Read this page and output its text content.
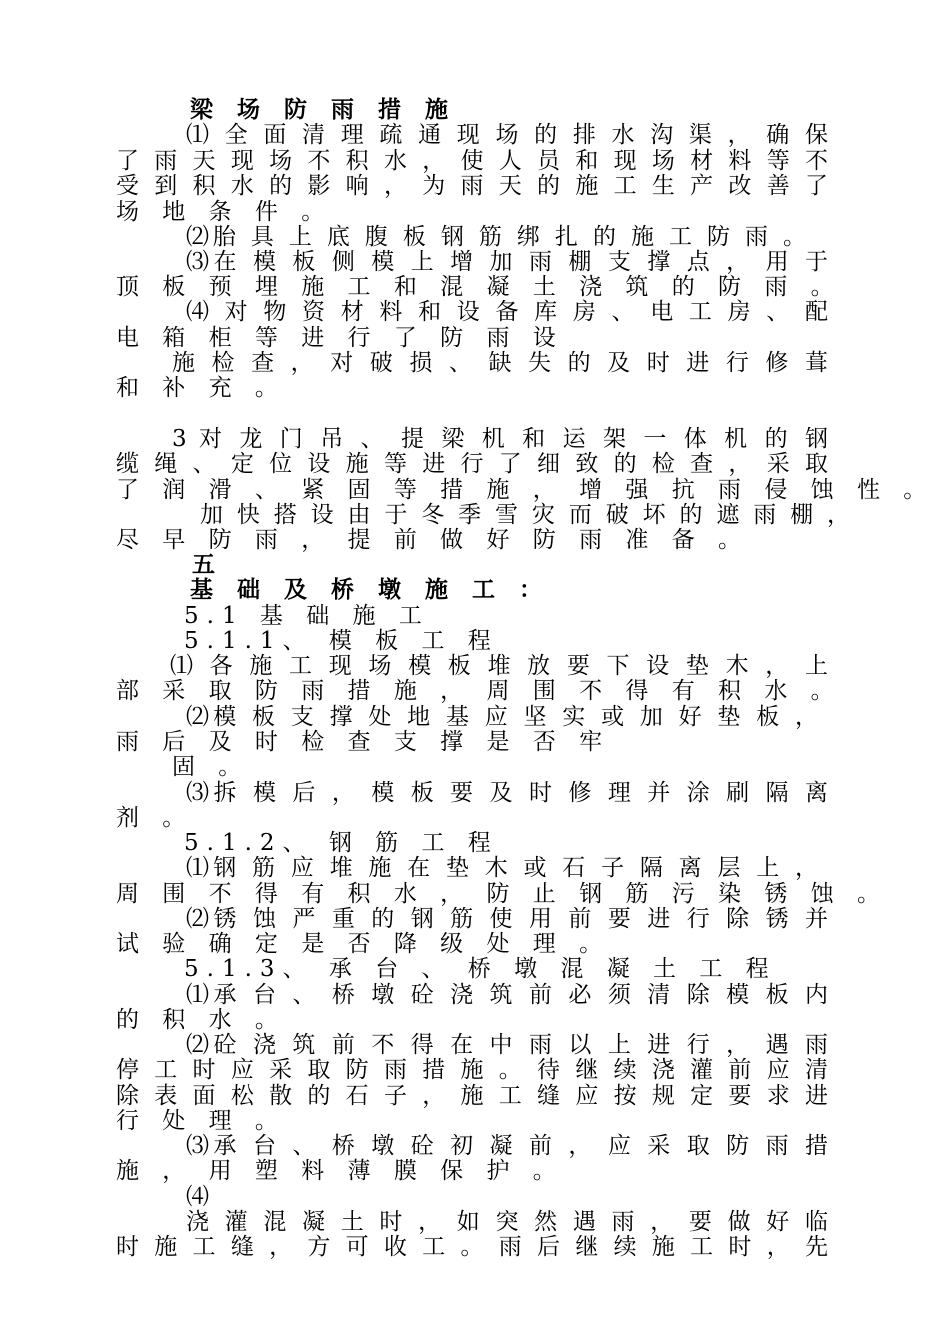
梁 场 防 雨 措 施
⑴ 全 面 清 理 疏 通 现 场 的 排 水 沟 渠 ， 确 保
了 雨 天 现 场 不 积 水 ， 使 人 员 和 现 场 材 料 等 不
受 到 积 水 的 影 响 ， 为 雨 天 的 施 工 生 产 改 善 了
场 地 条 件 。
⑵胎 具 上 底 腹 板 钢 筋 绑 扎 的 施 工 防 雨 。
⑶在 模 板 侧 模 上 增 加 雨 棚 支 撑 点 ， 用 于
顶 板 预 埋 施 工 和 混 凝 土 浇 筑 的 防 雨 。
⑷ 对 物 资 材 料 和 设 备 库 房 、 电 工 房 、 配
电 箱 柜 等 进 行 了 防 雨 设
施 检 查 ， 对 破 损 、 缺 失 的 及 时 进 行 修 葺
和 补 充 。
3 对 龙 门 吊 、 提 梁 机 和 运 架 一 体 机 的 钢
缆 绳 、 定 位 设 施 等 进 行 了 细 致 的 检 查 ， 采 取
了 润 滑 、 紧 固 等 措 施 ， 增 强 抗 雨 侵 蚀 性 。
加 快 搭 设 由 于 冬 季 雪 灾 而 破 坏 的 遮 雨 棚 ，
尽 早 防 雨 ， 提 前 做 好 防 雨 准 备 。
五
基 础 及 桥 墩 施 工 ：
5.1 基 础 施 工
5.1.1、 模 板 工 程
⑴ 各 施 工 现 场 模 板 堆 放 要 下 设 垫 木 ， 上
部 采 取 防 雨 措 施 ， 周 围 不 得 有 积 水 。
⑵模 板 支 撑 处 地 基 应 坚 实 或 加 好 垫 板 ，
雨 后 及 时 检 查 支 撑 是 否 牢
固 。
⑶拆 模 后 ， 模 板 要 及 时 修 理 并 涂 刷 隔 离
剂 。
5.1.2、 钢 筋 工 程
⑴钢 筋 应 堆 施 在 垫 木 或 石 子 隔 离 层 上 ，
周 围 不 得 有 积 水 ， 防 止 钢 筋 污 染 锈 蚀 。
⑵锈 蚀 严 重 的 钢 筋 使 用 前 要 进 行 除 锈 并
试 验 确 定 是 否 降 级 处 理 。
5.1.3、 承 台 、 桥 墩 混 凝 土 工 程
⑴承 台 、 桥 墩 砼 浇 筑 前 必 须 清 除 模 板 内
的 积 水 。
⑵砼 浇 筑 前 不 得 在 中 雨 以 上 进 行 ， 遇 雨
停 工 时 应 采 取 防 雨 措 施 。 待 继 续 浇 灌 前 应 清
除 表 面 松 散 的 石 子 ， 施 工 缝 应 按 规 定 要 求 进
行 处 理 。
⑶承 台 、 桥 墩 砼 初 凝 前 ， 应 采 取 防 雨 措
施 ， 用 塑 料 薄 膜 保 护 。
⑷
浇 灌 混 凝 土 时 ， 如 突 然 遇 雨 ， 要 做 好 临
时 施 工 缝 ， 方 可 收 工 。 雨 后 继 续 施 工 时 ， 先
